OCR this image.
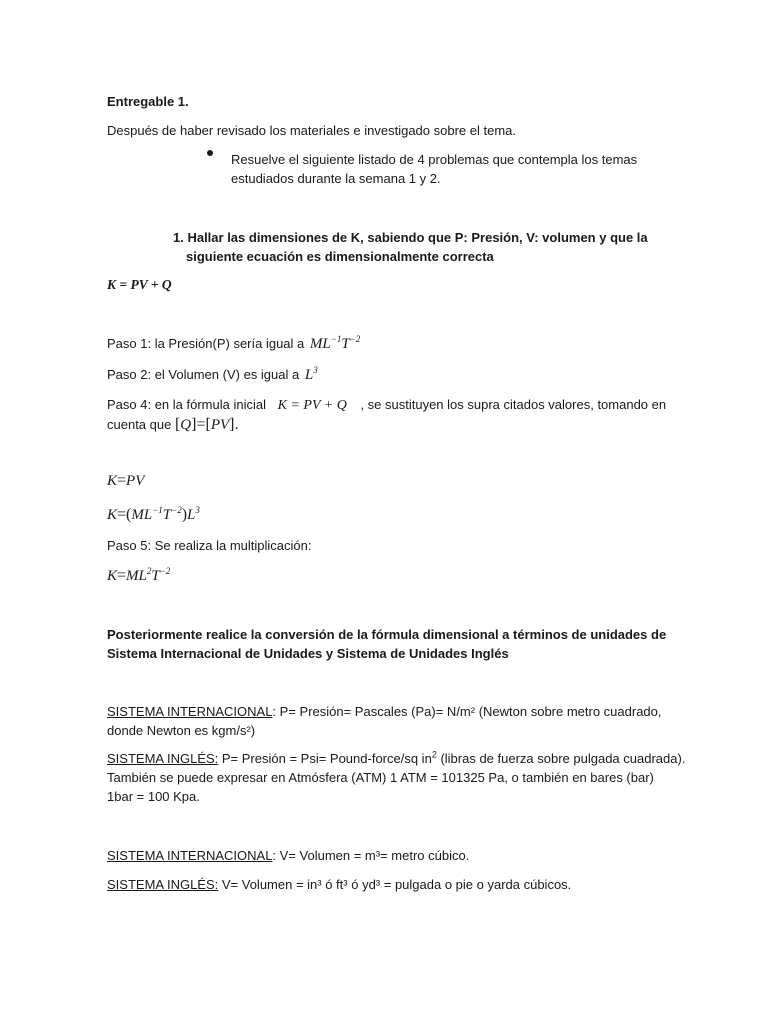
Entregable 1.
Después de haber revisado los materiales e investigado sobre el tema.
Resuelve el siguiente listado de 4 problemas que contempla los temas
estudiados durante la semana 1 y 2.
1. Hallar las dimensiones de K, sabiendo que P: Presión, V: volumen y que la
siguiente ecuación es dimensionalmente correcta
K = PV + Q
Paso 1: la Presión(P) sería igual a $ML^{-1}T^{-2}$
Paso 2: el Volumen (V) es igual a $L^3$
Paso 4: en la fórmula inicial K = PV + Q , se sustituyen los supra citados valores, tomando en
cuenta que [Q]=[PV].
K=PV
$K=(ML^{-1}T^{-2})L^3$
Paso 5: Se realiza la multiplicación:
$K=ML^2T^{-2}$
Posteriormente realice la conversión de la fórmula dimensional a términos de unidades de
Sistema Internacional de Unidades y Sistema de Unidades Inglés
SISTEMA INTERNACIONAL: P= Presión= Pascales (Pa)= N/m² (Newton sobre metro cuadrado,
donde Newton es kgm/s²)
SISTEMA INGLÉS: P= Presión = Psi= Pound-force/sq $in^2$ (libras de fuerza sobre pulgada cuadrada).
También se puede expresar en Atmósfera (ATM) 1 ATM = 101325 Pa, o también en bares (bar)
1bar = 100 Kpa.
SISTEMA INTERNACIONAL: V= Volumen = m³= metro cúbico.
SISTEMA INGLÉS: V= Volumen = in³ ó ft³ ó yd³ = pulgada o pie o yarda cúbicos.
